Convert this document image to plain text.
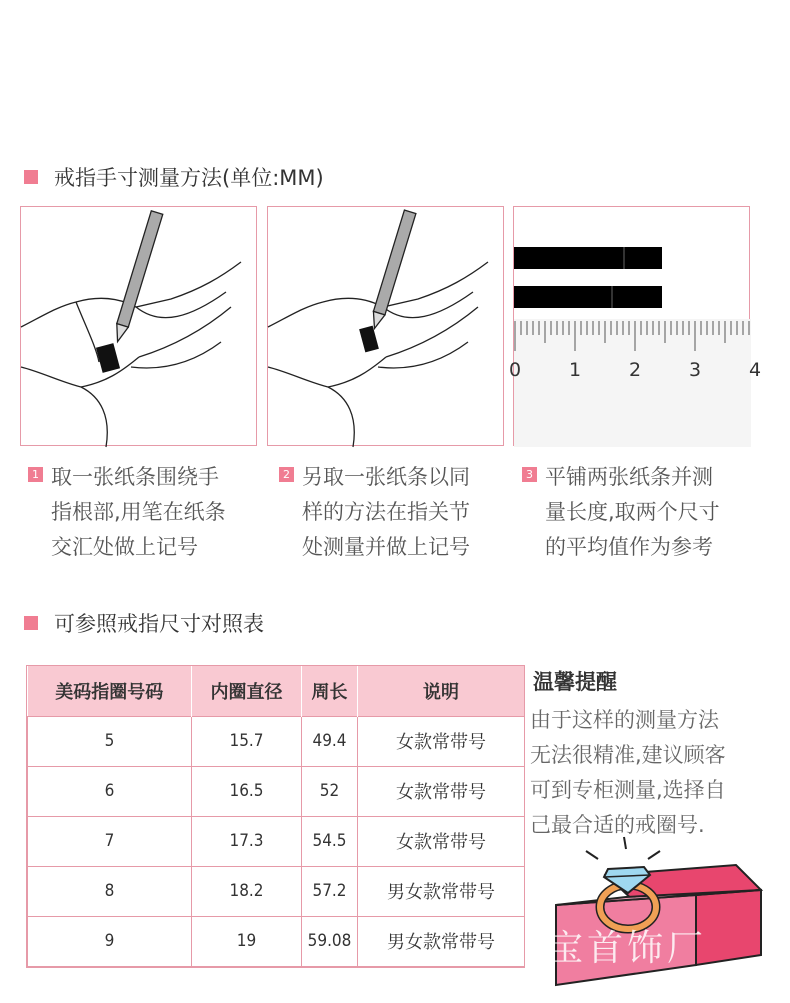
戒指手寸测量方法(单位:MM)
0	1	2	3	4
1 取一张纸条围绕手
指根部,用笔在纸条
交汇处做上记号
2 另取一张纸条以同
样的方法在指关节
处测量并做上记号
3 平铺两张纸条并测
量长度,取两个尺寸
的平均值作为参考
可参照戒指尺寸对照表
美码指圈号码	内圈直径	周长	说明
5	15.7	49.4	女款常带号
6	16.5	52	女款常带号
7	17.3	54.5	女款常带号
8	18.2	57.2	男女款常带号
9	19	59.08	男女款常带号
温馨提醒
由于这样的测量方法
无法很精准,建议顾客
可到专柜测量,选择自
己最合适的戒圈号.
宝首饰厂
